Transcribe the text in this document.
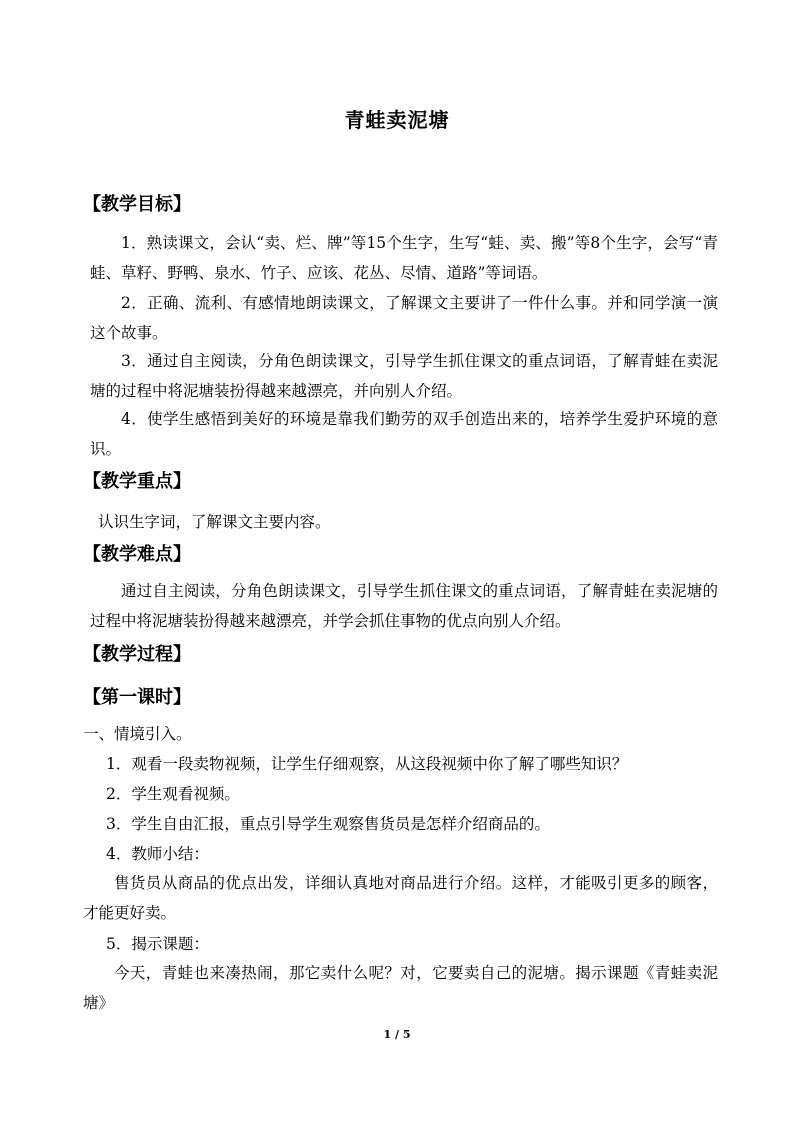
青蛙卖泥塘
【教学目标】
1．熟读课文，会认“卖、烂、牌”等15个生字，生写“蛙、卖、搬”等8个生字，会写“青蛙、草籽、野鸭、泉水、竹子、应该、花丛、尽情、道路”等词语。
2．正确、流利、有感情地朗读课文，了解课文主要讲了一件什么事。并和同学演一演这个故事。
3．通过自主阅读，分角色朗读课文，引导学生抓住课文的重点词语，了解青蛙在卖泥塘的过程中将泥塘装扮得越来越漂亮，并向别人介绍。
4．使学生感悟到美好的环境是靠我们勤劳的双手创造出来的，培养学生爱护环境的意识。
【教学重点】
认识生字词，了解课文主要内容。
【教学难点】
通过自主阅读，分角色朗读课文，引导学生抓住课文的重点词语，了解青蛙在卖泥塘的过程中将泥塘装扮得越来越漂亮，并学会抓住事物的优点向别人介绍。
【教学过程】
【第一课时】
一、情境引入。
1．观看一段卖物视频，让学生仔细观察，从这段视频中你了解了哪些知识？
2．学生观看视频。
3．学生自由汇报，重点引导学生观察售货员是怎样介绍商品的。
4．教师小结：
售货员从商品的优点出发，详细认真地对商品进行介绍。这样，才能吸引更多的顾客，才能更好卖。
5．揭示课题：
今天，青蛙也来凑热闹，那它卖什么呢？对，它要卖自己的泥塘。揭示课题《青蛙卖泥塘》
1 / 5
